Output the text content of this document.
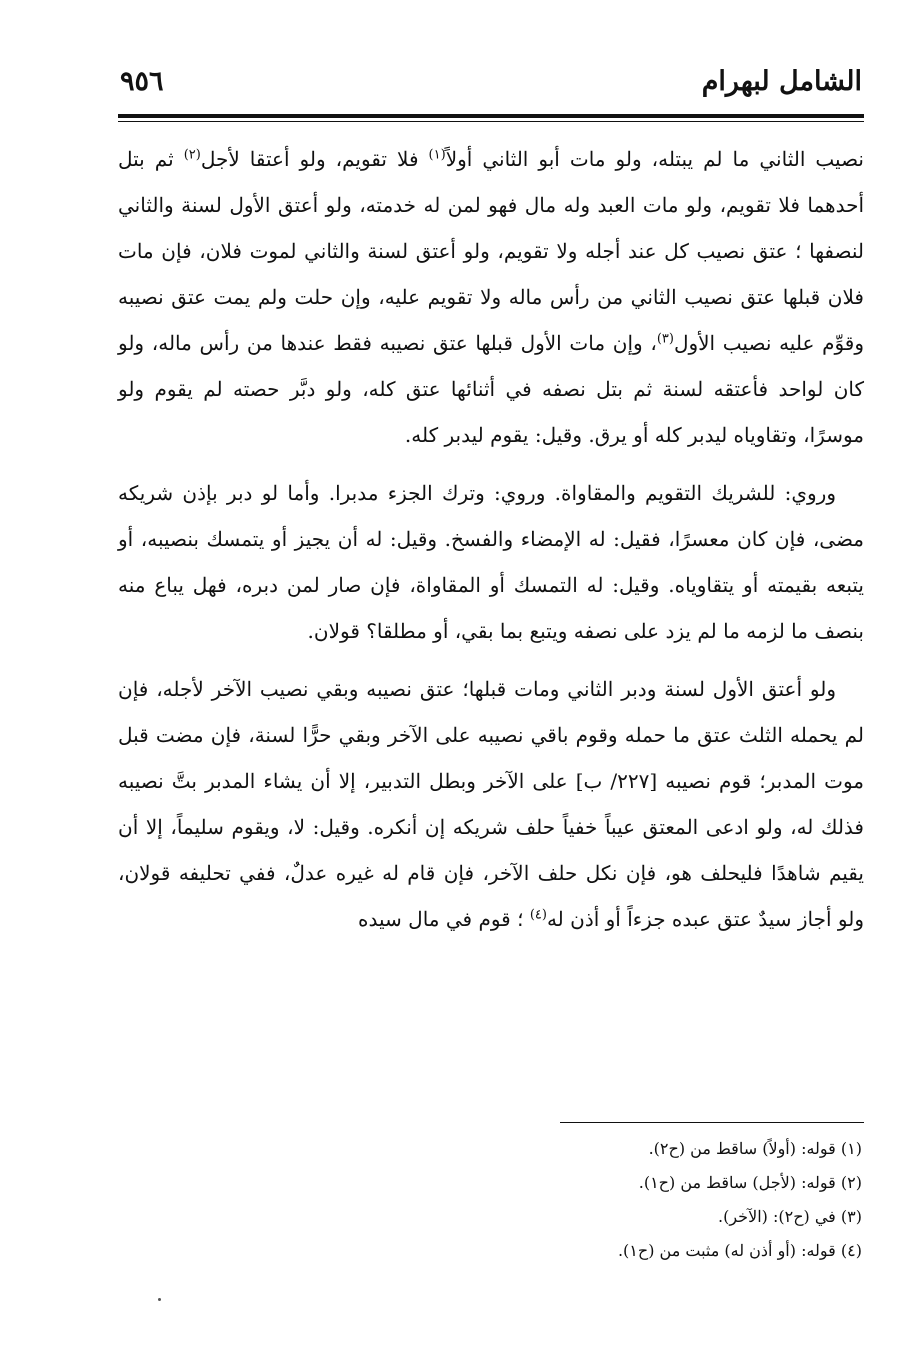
الشامل لبهرام
٩٥٦

نصيب الثاني ما لم يبتله، ولو مات أبو الثاني أولاً$^{(١)}$ فلا تقويم، ولو أعتقا لأجل$^{(٢)}$ ثم بتل أحدهما فلا تقويم، ولو مات العبد وله مال فهو لمن له خدمته، ولو أعتق الأول لسنة والثاني لنصفها ؛ عتق نصيب كل عند أجله ولا تقويم، ولو أعتق لسنة والثاني لموت فلان، فإن مات فلان قبلها عتق نصيب الثاني من رأس ماله ولا تقويم عليه، وإن حلت ولم يمت عتق نصيبه وقوِّم عليه نصيب الأول$^{(٣)}$، وإن مات الأول قبلها عتق نصيبه فقط عندها من رأس ماله، ولو كان لواحد فأعتقه لسنة ثم بتل نصفه في أثنائها عتق كله، ولو دبَّر حصته لم يقوم ولو موسرًا، وتقاوياه ليدبر كله أو يرق. وقيل: يقوم ليدبر كله.

وروي: للشريك التقويم والمقاواة. وروي: وترك الجزء مدبرا. وأما لو دبر بإذن شريكه مضى، فإن كان معسرًا، فقيل: له الإمضاء والفسخ. وقيل: له أن يجيز أو يتمسك بنصيبه، أو يتبعه بقيمته أو يتقاوياه. وقيل: له التمسك أو المقاواة، فإن صار لمن دبره، فهل يباع منه بنصف ما لزمه ما لم يزد على نصفه ويتبع بما بقي، أو مطلقا؟ قولان.

ولو أعتق الأول لسنة ودبر الثاني ومات قبلها؛ عتق نصيبه وبقي نصيب الآخر لأجله، فإن لم يحمله الثلث عتق ما حمله وقوم باقي نصيبه على الآخر وبقي حرًّا لسنة، فإن مضت قبل موت المدبر؛ قوم نصيبه [٢٢٧/ ب] على الآخر وبطل التدبير، إلا أن يشاء المدبر بتَّ نصيبه فذلك له، ولو ادعى المعتق عيباً خفياً حلف شريكه إن أنكره. وقيل: لا، ويقوم سليماً، إلا أن يقيم شاهدًا فليحلف هو، فإن نكل حلف الآخر، فإن قام له غيره عدلٌ، ففي تحليفه قولان، ولو أجاز سيدٌ عتق عبده جزءاً أو أذن له$^{(٤)}$ ؛ قوم في مال سيده

(١) قوله: (أولاً) ساقط من (ح٢).

(٢) قوله: (لأجل) ساقط من (ح١).

(٣) في (ح٢): (الآخر).

(٤) قوله: (أو أذن له) مثبت من (ح١).
